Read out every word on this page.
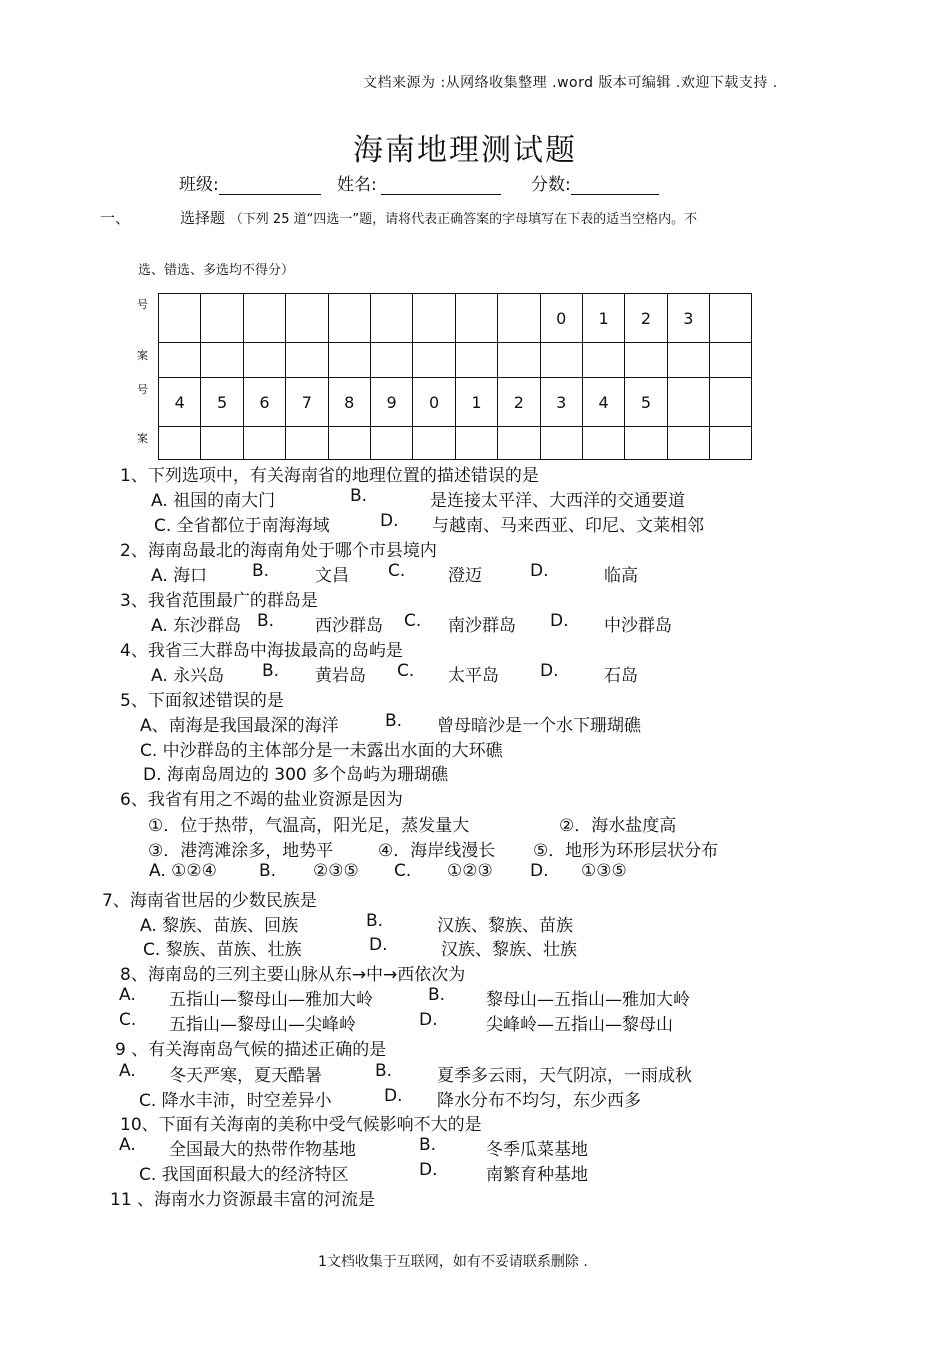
文档来源为 :从网络收集整理 .word 版本可编辑 .欢迎下载支持 .
海南地理测试题
班级:	姓名:	分数:
一、	选择题 （下列 25 道“四选一”题，请将代表正确答案的字母填写在下表的适当空格内。不
选、错选、多选均不得分）
号
案
号
案
									0	1	2	3	

4	5	6	7	8	9	0	1	2	3	4	5		

1、下列选项中，有关海南省的地理位置的描述错误的是
A. 祖国的南大门	B.	是连接太平洋、大西洋的交通要道
C. 全省都位于南海海域	D. 与越南、马来西亚、印尼、文莱相邻
2、海南岛最北的海南角处于哪个市县境内
A. 海口	B.	文昌 C.	澄迈	D.	临高
3、我省范围最广的群岛是
A. 东沙群岛 B. 西沙群岛 C. 南沙群岛 D. 中沙群岛
4、我省三大群岛中海拔最高的岛屿是
A. 永兴岛 B. 黄岩岛 C. 太平岛 D.	石岛
5、下面叙述错误的是
A、南海是我国最深的海洋	B. 曾母暗沙是一个水下珊瑚礁
C. 中沙群岛的主体部分是一未露出水面的大环礁
D. 海南岛周边的 300 多个岛屿为珊瑚礁
6、我省有用之不竭的盐业资源是因为
①．位于热带，气温高，阳光足，蒸发量大	②．海水盐度高
③．港湾滩涂多，地势平	④．海岸线漫长 ⑤．地形为环形层状分布
A. ①②④ B. ②③⑤ C. ①②③ D. ①③⑤
7、海南省世居的少数民族是
A. 黎族、苗族、回族	B.	汉族、黎族、苗族
C. 黎族、苗族、壮族	D.	汉族、黎族、壮族
8、海南岛的三列主要山脉从东→中→西依次为
A. 五指山—黎母山—雅加大岭	B. 黎母山—五指山—雅加大岭
C. 五指山—黎母山—尖峰岭	D.	尖峰岭—五指山—黎母山
9 、有关海南岛气候的描述正确的是
A. 冬天严寒，夏天酷暑	B.	夏季多云雨，天气阴凉，一雨成秋
C. 降水丰沛，时空差异小	D. 降水分布不均匀，东少西多
10、下面有关海南的美称中受气候影响不大的是
A. 全国最大的热带作物基地	B.	冬季瓜菜基地
C. 我国面积最大的经济特区	D.	南繁育种基地
11 、海南水力资源最丰富的河流是
1文档收集于互联网，如有不妥请联系删除 .
